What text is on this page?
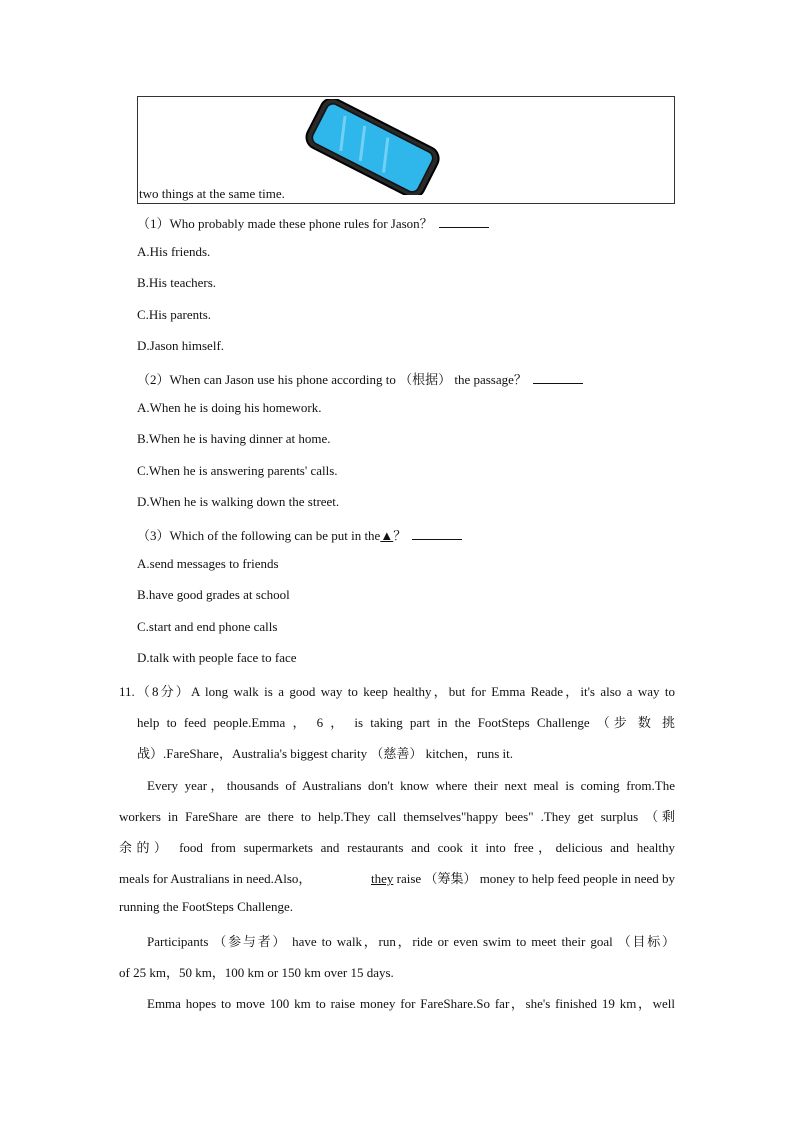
two things at the same time.
（1）Who probably made these phone rules for Jason？
A.His friends.
B.His teachers.
C.His parents.
D.Jason himself.
（2）When can Jason use his phone according to （根据） the passage？
A.When he is doing his homework.
B.When he is having dinner at home.
C.When he is answering parents' calls.
D.When he is walking down the street.
（3）Which of the following can be put in the▲？
A.send messages to friends
B.have good grades at school
C.start and end phone calls
D.talk with people face to face
11.（8分）A long walk is a good way to keep healthy，but for Emma Reade，it's also a way to
help to feed people.Emma ， 6 ， is taking part in the FootSteps Challenge （步 数 挑
战）.FareShare，Australia's biggest charity （慈善） kitchen，runs it.
Every year，thousands of Australians don't know where their next meal is coming from.The
workers in FareShare are there to help.They call themselves"happy bees" .They get surplus （剩
余的） food from supermarkets and restaurants and cook it into free，delicious and healthy
meals for Australians in need.Also，	they raise （筹集） money to help feed people in need by
running the FootSteps Challenge.
Participants （参与者） have to walk，run，ride or even swim to meet their goal （目标）
of 25 km，50 km，100 km or 150 km over 15 days.
Emma hopes to move 100 km to raise money for FareShare.So far，she's finished 19 km，well
